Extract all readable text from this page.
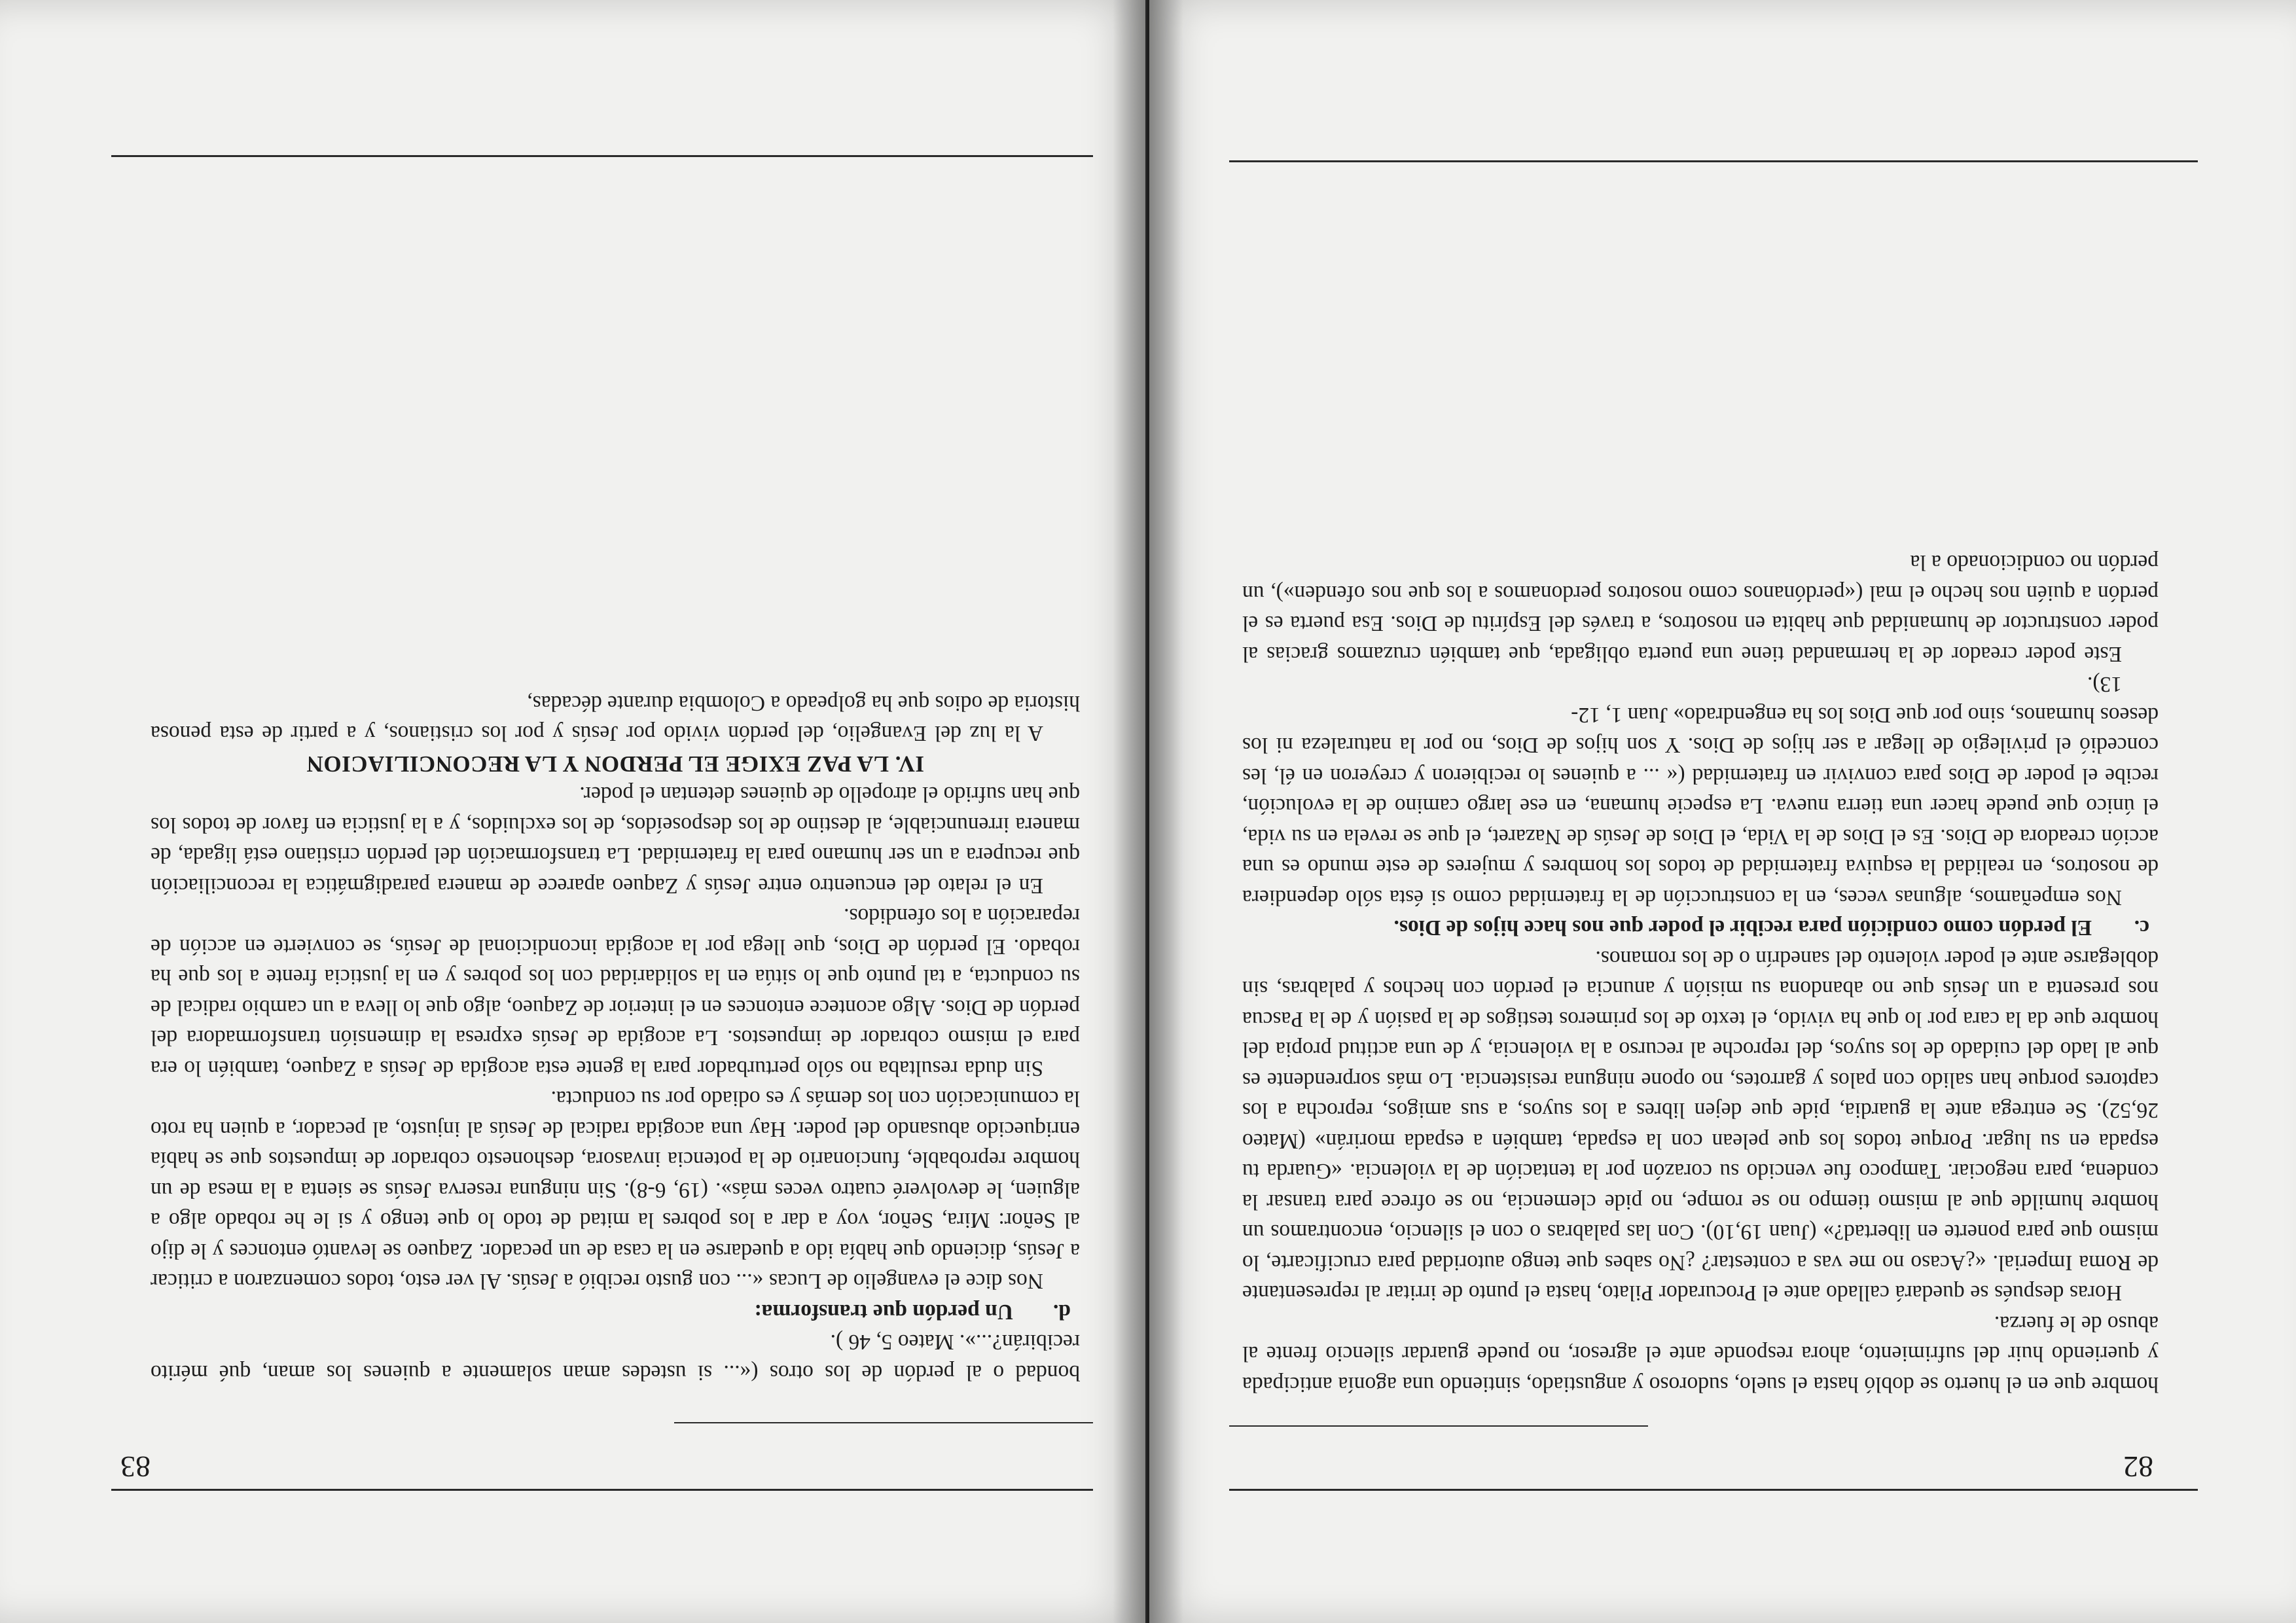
82

hombre que en el huerto se dobló hasta el suelo, sudoroso y angustiado, sintiendo una agonía anticipada y queriendo huir del sufrimiento, ahora responde ante el agresor, no puede guardar silencio frente al abuso de le fuerza.

Horas después se quedará callado ante el Procurador Pilato, hasta el punto de irritar al representante de Roma Imperial. «¿Acaso no me vas a contestar? ¿No sabes que tengo autoridad para crucificarte, lo mismo que para ponerte en libertad?» (Juan 19,10). Con las palabras o con el silencio, encontramos un hombre humilde que al mismo tiempo no se rompe, no pide clemencia, no se ofrece para transar la condena, para negociar. Tampoco fue vencido su corazón por la tentación de la violencia. «Guarda tu espada en su lugar. Porque todos los que pelean con la espada, también a espada morirán» (Mateo 26,52). Se entrega ante la guardia, pide que dejen libres a los suyos, a sus amigos, reprocha a los captores porque han salido con palos y garrotes, no opone ninguna resistencia. Lo más sorprendente es que al lado del cuidado de los suyos, del reproche al recurso a la violencia, y de una actitud propia del hombre que da la cara por lo que ha vivido, el texto de los primeros testigos de la pasión y de la Pascua nos presenta a un Jesús que no abandona su misión y anuncia el perdón con hechos y palabras, sin doblegarse ante el poder violento del sanedrín o de los romanos.

c.
El perdón como condición para recibir el poder que nos hace hijos de Dios.

Nos empeñamos, algunas veces, en la construcción de la fraternidad como si ésta sólo dependiera de nosotros, en realidad la esquiva fraternidad de todos los hombres y mujeres de este mundo es una acción creadora de Dios. Es el Dios de la Vida, el Dios de Jesús de Nazaret, el que se revela en su vida, el único que puede hacer una tierra nueva. La especie humana, en ese largo camino de la evolución, recibe el poder de Dios para convivir en fraternidad (« ... a quienes lo recibieron y creyeron en él, les concedió el privilegio de llegar a ser hijos de Dios. Y son hijos de Dios, no por la naturaleza ni los deseos humanos, sino por que Dios los ha engendrado» Juan 1, 12-

13).

Este poder creador de la hermandad tiene una puerta obligada, que también cruzamos gracias al poder constructor de humanidad que habita en nosotros, a través del Espíritu de Dios. Esa puerta es el perdón a quién nos hecho el mal («perdónanos como nosotros perdonamos a los que nos ofenden»), un perdón no condicionado a la

83

bondad o al perdón de los otros («... si ustedes aman solamente a quienes los aman, qué mérito recibirán?...». Mateo 5, 46 ).

d.
Un perdón que transforma:

Nos dice el evangelio de Lucas «... con gusto recibió a Jesús. Al ver esto, todos comenzaron a criticar a Jesús, diciendo que había ido a quedarse en la casa de un pecador. Zaqueo se levantó entonces y le dijo al Señor: Mira, Señor, voy a dar a los pobres la mitad de todo lo que tengo y si le he robado algo a alguien, le devolveré cuatro veces más». (19, 6-8). Sin ninguna reserva Jesús se sienta a la mesa de un hombre reprobable, funcionario de la potencia invasora, deshonesto cobrador de impuestos que se había enriquecido abusando del poder. Hay una acogida radical de Jesús al injusto, al pecador, a quien ha roto la comunicación con los demás y es odiado por su conducta.

Sin duda resultaba no sólo perturbador para la gente esta acogida de Jesús a Zaqueo, también lo era para el mismo cobrador de impuestos. La acogida de Jesús expresa la dimensión transformadora del perdón de Dios. Algo acontece entonces en el interior de Zaqueo, algo que lo lleva a un cambio radical de su conducta, a tal punto que lo sitúa en la solidaridad con los pobres y en la justicia frente a los que ha robado. El perdón de Dios, que llega por la acogida incondicional de Jesús, se convierte en acción de reparación a los ofendidos.

En el relato del encuentro entre Jesús y Zaqueo aparece de manera paradigmática la reconciliación que recupera a un ser humano para la fraternidad. La transformación del perdón cristiano está ligada, de manera irrenunciable, al destino de los desposeídos, de los excluidos, y a la justicia en favor de todos los que han sufrido el atropello de quienes detentan el poder.

IV. LA PAZ EXIGE EL PERDON Y LA RECONCILIACION

A la luz del Evangelio, del perdón vivido por Jesús y por los cristianos, y a partir de esta penosa historia de odios que ha golpeado a Colombia durante décadas,
